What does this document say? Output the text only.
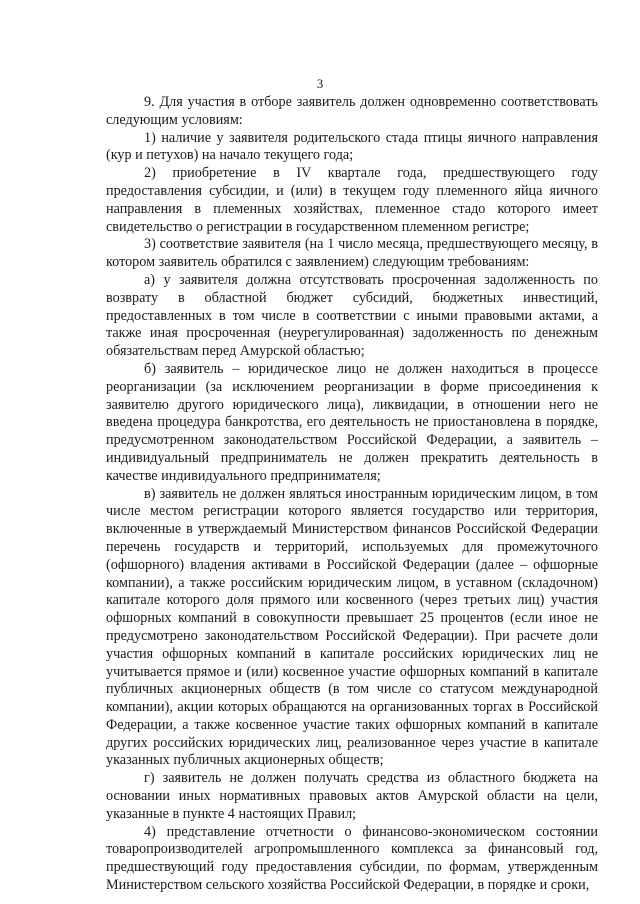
3

9. Для участия в отборе заявитель должен одновременно соответствовать следующим условиям:

1) наличие у заявителя родительского стада птицы яичного направления (кур и петухов) на начало текущего года;

2) приобретение в IV квартале года, предшествующего году предоставления субсидии, и (или) в текущем году племенного яйца яичного направления в племенных хозяйствах, племенное стадо которого имеет свидетельство о регистрации в государственном племенном регистре;

3) соответствие заявителя (на 1 число месяца, предшествующего месяцу, в котором заявитель обратился с заявлением) следующим требованиям:

а) у заявителя должна отсутствовать просроченная задолженность по возврату в областной бюджет субсидий, бюджетных инвестиций, предоставленных в том числе в соответствии с иными правовыми актами, а также иная просроченная (неурегулированная) задолженность по денежным обязательствам перед Амурской областью;

б) заявитель – юридическое лицо не должен находиться в процессе реорганизации (за исключением реорганизации в форме присоединения к заявителю другого юридического лица), ликвидации, в отношении него не введена процедура банкротства, его деятельность не приостановлена в порядке, предусмотренном законодательством Российской Федерации, а заявитель – индивидуальный предприниматель не должен прекратить деятельность в качестве индивидуального предпринимателя;

в) заявитель не должен являться иностранным юридическим лицом, в том числе местом регистрации которого является государство или территория, включенные в утверждаемый Министерством финансов Российской Федерации перечень государств и территорий, используемых для промежуточного (офшорного) владения активами в Российской Федерации (далее – офшорные компании), а также российским юридическим лицом, в уставном (складочном) капитале которого доля прямого или косвенного (через третьих лиц) участия офшорных компаний в совокупности превышает 25 процентов (если иное не предусмотрено законодательством Российской Федерации). При расчете доли участия офшорных компаний в капитале российских юридических лиц не учитывается прямое и (или) косвенное участие офшорных компаний в капитале публичных акционерных обществ (в том числе со статусом международной компании), акции которых обращаются на организованных торгах в Российской Федерации, а также косвенное участие таких офшорных компаний в капитале других российских юридических лиц, реализованное через участие в капитале указанных публичных акционерных обществ;

г) заявитель не должен получать средства из областного бюджета на основании иных нормативных правовых актов Амурской области на цели, указанные в пункте 4 настоящих Правил;

4) представление отчетности о финансово-экономическом состоянии товаропроизводителей агропромышленного комплекса за финансовый год, предшествующий году предоставления субсидии, по формам, утвержденным Министерством сельского хозяйства Российской Федерации, в порядке и сроки,
